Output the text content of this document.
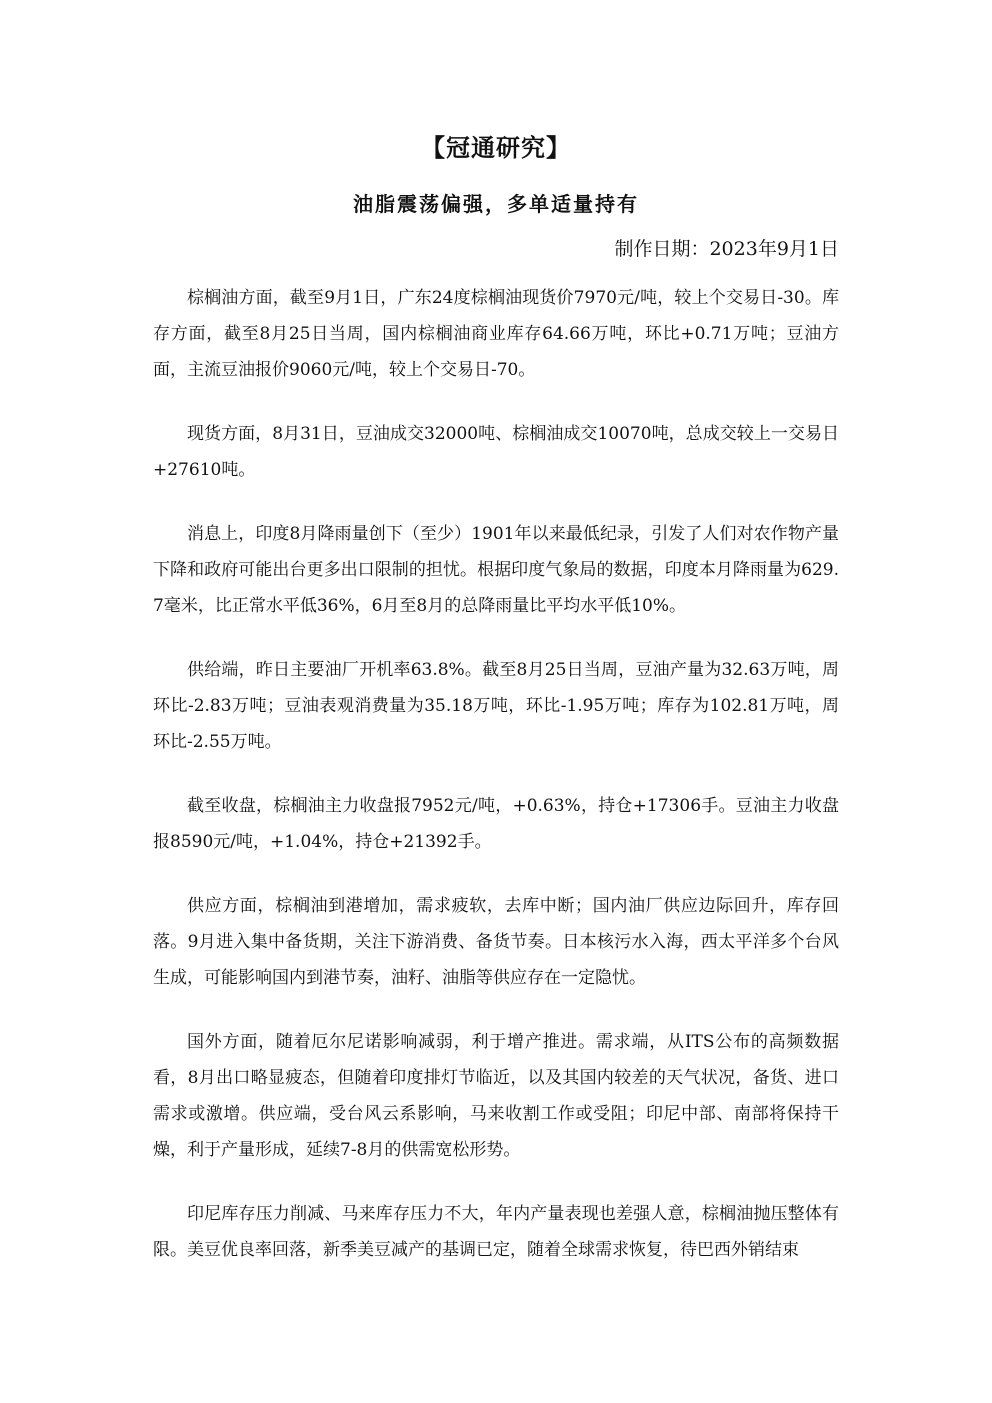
【冠通研究】
油脂震荡偏强，多单适量持有

制作日期：2023年9月1日

棕榈油方面，截至9月1日，广东24度棕榈油现货价7970元/吨，较上个交易日-30。库存方面，截至8月25日当周，国内棕榈油商业库存64.66万吨，环比+0.71万吨；豆油方面，主流豆油报价9060元/吨，较上个交易日-70。

现货方面，8月31日，豆油成交32000吨、棕榈油成交10070吨，总成交较上一交易日+27610吨。

消息上，印度8月降雨量创下（至少）1901年以来最低纪录，引发了人们对农作物产量下降和政府可能出台更多出口限制的担忧。根据印度气象局的数据，印度本月降雨量为629.7毫米，比正常水平低36%，6月至8月的总降雨量比平均水平低10%。

供给端，昨日主要油厂开机率63.8%。截至8月25日当周，豆油产量为32.63万吨，周环比-2.83万吨；豆油表观消费量为35.18万吨，环比-1.95万吨；库存为102.81万吨，周环比-2.55万吨。

截至收盘，棕榈油主力收盘报7952元/吨，+0.63%，持仓+17306手。豆油主力收盘报8590元/吨，+1.04%，持仓+21392手。

供应方面，棕榈油到港增加，需求疲软，去库中断；国内油厂供应边际回升，库存回落。9月进入集中备货期，关注下游消费、备货节奏。日本核污水入海，西太平洋多个台风生成，可能影响国内到港节奏，油籽、油脂等供应存在一定隐忧。

国外方面，随着厄尔尼诺影响减弱，利于增产推进。需求端，从ITS公布的高频数据看，8月出口略显疲态，但随着印度排灯节临近，以及其国内较差的天气状况，备货、进口需求或激增。供应端，受台风云系影响，马来收割工作或受阻；印尼中部、南部将保持干燥，利于产量形成，延续7-8月的供需宽松形势。

印尼库存压力削减、马来库存压力不大，年内产量表现也差强人意，棕榈油抛压整体有限。美豆优良率回落，新季美豆减产的基调已定，随着全球需求恢复，待巴西外销结束
